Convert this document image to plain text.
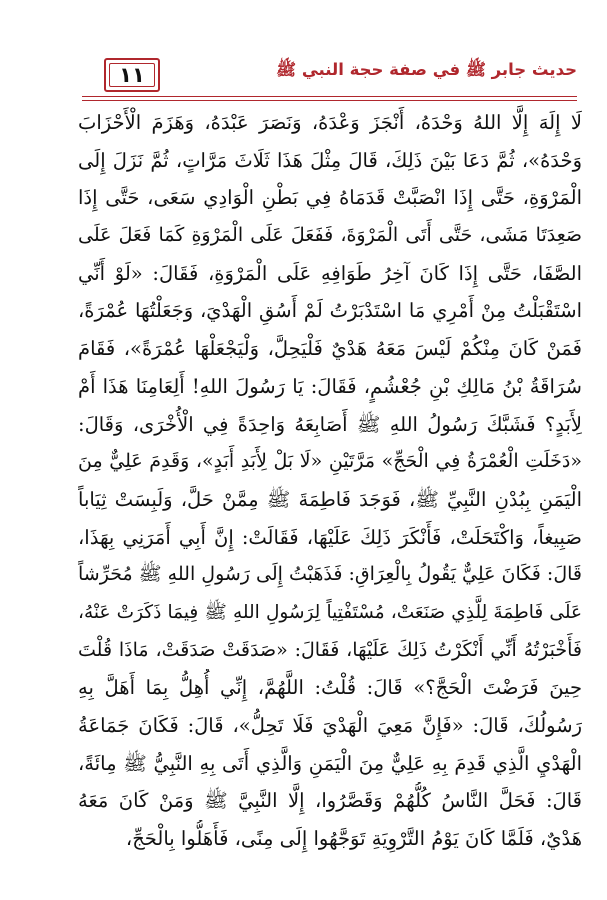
١١	حديث جابر ﷺ في صفة حجة النبي ﷺ
لَا إِلَهَ إِلَّا اللهُ وَحْدَهُ، أَنْجَزَ وَعْدَهُ، وَنَصَرَ عَبْدَهُ، وَهَزَمَ الْأَحْزَابَ
وَحْدَهُ»، ثُمَّ دَعَا بَيْنَ ذَلِكَ، قَالَ مِثْلَ هَذَا ثَلَاثَ مَرَّاتٍ، ثُمَّ نَزَلَ إِلَى
الْمَرْوَةِ، حَتَّى إِذَا انْصَبَّتْ قَدَمَاهُ فِي بَطْنِ الْوَادِي سَعَى، حَتَّى إِذَا
صَعِدَتَا مَشَى، حَتَّى أَتَى الْمَرْوَةَ، فَفَعَلَ عَلَى الْمَرْوَةِ كَمَا فَعَلَ عَلَى
الصَّفَا، حَتَّى إِذَا كَانَ آخِرُ طَوَافِهِ عَلَى الْمَرْوَةِ، فَقَالَ: «لَوْ أَنِّي
اسْتَقْبَلْتُ مِنْ أَمْرِي مَا اسْتَدْبَرْتُ لَمْ أَسُقِ الْهَدْيَ، وَجَعَلْتُهَا عُمْرَةً،
فَمَنْ كَانَ مِنْكُمْ لَيْسَ مَعَهُ هَدْيٌ فَلْيَحِلَّ، وَلْيَجْعَلْهَا عُمْرَةً»، فَقَامَ
سُرَاقَةُ بْنُ مَالِكِ بْنِ جُعْشُمٍ، فَقَالَ: يَا رَسُولَ اللهِ! أَلِعَامِنَا هَذَا أَمْ
لِأَبَدٍ؟ فَشَبَّكَ رَسُولُ اللهِ ﷺ أَصَابِعَهُ وَاحِدَةً فِي الْأُخْرَى، وَقَالَ:
«دَخَلَتِ الْعُمْرَةُ فِي الْحَجِّ» مَرَّتَيْنِ «لَا بَلْ لِأَبَدِ أَبَدٍ»، وَقَدِمَ عَلِيٌّ مِنَ
الْيَمَنِ بِبُدْنِ النَّبِيِّ ﷺ، فَوَجَدَ فَاطِمَةَ ﷺ مِمَّنْ حَلَّ، وَلَبِسَتْ ثِيَاباً
صَبِيغاً، وَاكْتَحَلَتْ، فَأَنْكَرَ ذَلِكَ عَلَيْهَا، فَقَالَتْ: إِنَّ أَبِي أَمَرَنِي بِهَذَا،
قَالَ: فَكَانَ عَلِيٌّ يَقُولُ بِالْعِرَاقِ: فَذَهَبْتُ إِلَى رَسُولِ اللهِ ﷺ مُحَرِّشاً
عَلَى فَاطِمَةَ لِلَّذِي صَنَعَتْ، مُسْتَفْتِياً لِرَسُولِ اللهِ ﷺ فِيمَا ذَكَرَتْ عَنْهُ،
فَأَخْبَرْتُهُ أَنِّي أَنْكَرْتُ ذَلِكَ عَلَيْهَا، فَقَالَ: «صَدَقَتْ صَدَقَتْ، مَاذَا قُلْتَ
حِينَ فَرَضْتَ الْحَجَّ؟» قَالَ: قُلْتُ: اللَّهُمَّ، إِنِّي أُهِلُّ بِمَا أَهَلَّ بِهِ
رَسُولُكَ، قَالَ: «فَإِنَّ مَعِيَ الْهَدْيَ فَلَا تَحِلُّ»، قَالَ: فَكَانَ جَمَاعَةُ
الْهَدْيِ الَّذِي قَدِمَ بِهِ عَلِيٌّ مِنَ الْيَمَنِ وَالَّذِي أَتَى بِهِ النَّبِيُّ ﷺ مِائَةً،
قَالَ: فَحَلَّ النَّاسُ كُلُّهُمْ وَقَصَّرُوا، إِلَّا النَّبِيَّ ﷺ وَمَنْ كَانَ مَعَهُ
هَدْيٌ، فَلَمَّا كَانَ يَوْمُ التَّرْوِيَةِ تَوَجَّهُوا إِلَى مِنًى، فَأَهَلُّوا بِالْحَجِّ،
